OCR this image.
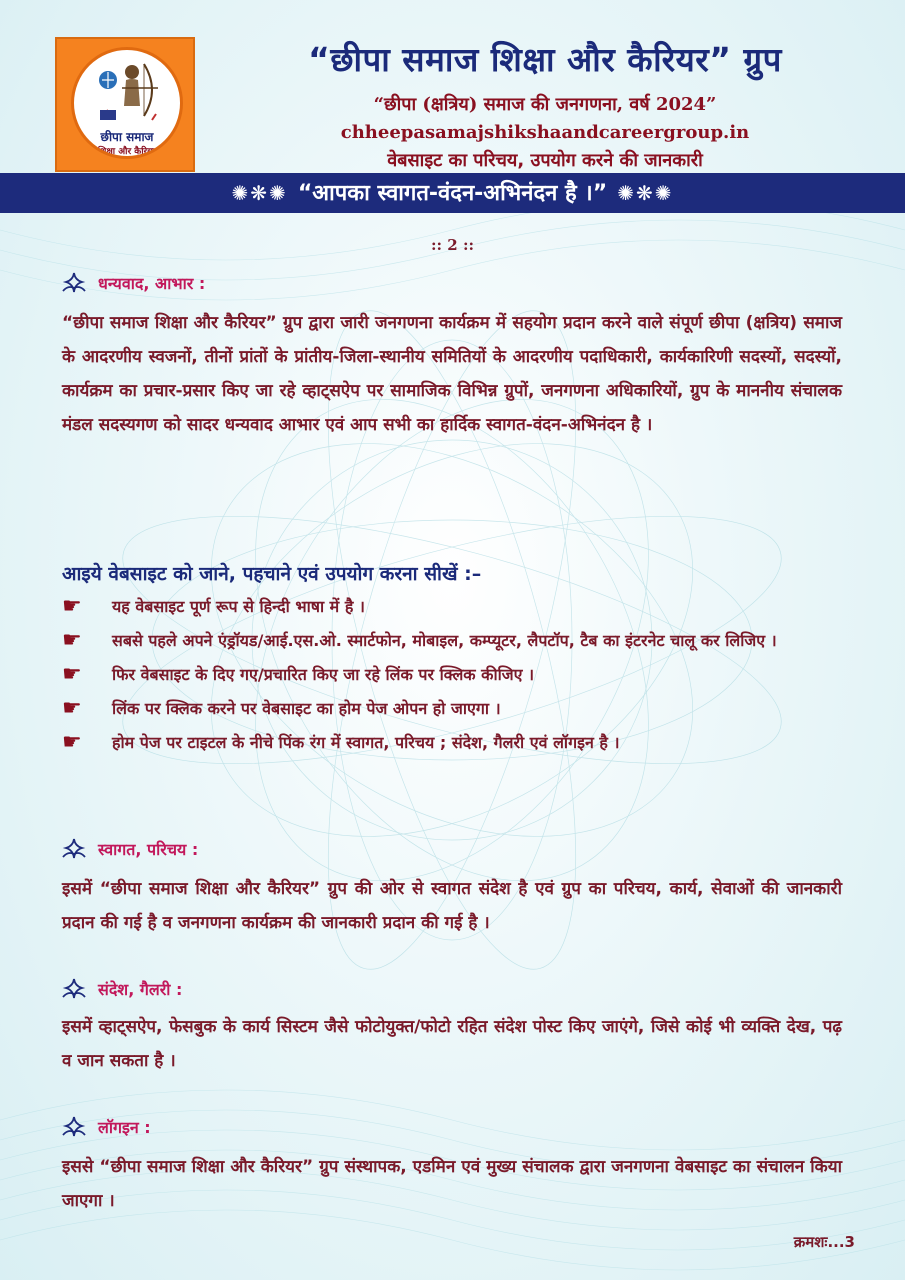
छीपा समाज
शिक्षा और कैरियर
ग्रुप
“छीपा समाज शिक्षा और कैरियर” ग्रुप
“छीपा (क्षत्रिय) समाज की जनगणना, वर्ष 2024”
chheepasamajshikshaandcareergroup.in
वेबसाइट का परिचय, उपयोग करने की जानकारी
✺❋✺ “आपका स्वागत-वंदन-अभिनंदन है ।” ✺❋✺
:: 2 ::
धन्यवाद, आभार :

“छीपा समाज शिक्षा और कैरियर” ग्रुप द्वारा जारी जनगणना कार्यक्रम में सहयोग प्रदान करने वाले संपूर्ण छीपा (क्षत्रिय) समाज के आदरणीय स्वजनों, तीनों प्रांतों के प्रांतीय-जिला-स्थानीय समितियों के आदरणीय पदाधिकारी, कार्यकारिणी सदस्यों, सदस्यों, कार्यक्रम का प्रचार-प्रसार किए जा रहे व्हाट्सऐप पर सामाजिक विभिन्न ग्रुपों, जनगणना अधिकारियों, ग्रुप के माननीय संचालक मंडल सदस्यगण को सादर धन्यवाद आभार एवं आप सभी का हार्दिक स्वागत-वंदन-अभिनंदन है ।

आइये वेबसाइट को जाने, पहचाने एवं उपयोग करना सीखें :–
☛ यह वेबसाइट पूर्ण रूप से हिन्दी भाषा में है ।
☛ सबसे पहले अपने एंड्रॉयड/आई.एस.ओ. स्मार्टफोन, मोबाइल, कम्प्यूटर, लैपटॉप, टैब का इंटरनेट चालू कर लिजिए ।
☛ फिर वेबसाइट के दिए गए/प्रचारित किए जा रहे लिंक पर क्लिक कीजिए ।
☛ लिंक पर क्लिक करने पर वेबसाइट का होम पेज ओपन हो जाएगा ।
☛ होम पेज पर टाइटल के नीचे पिंक रंग में स्वागत, परिचय ; संदेश, गैलरी एवं लॉगइन है ।
स्वागत, परिचय :

इसमें “छीपा समाज शिक्षा और कैरियर” ग्रुप की ओर से स्वागत संदेश है एवं ग्रुप का परिचय, कार्य, सेवाओं की जानकारी प्रदान की गई है व जनगणना कार्यक्रम की जानकारी प्रदान की गई है ।

संदेश, गैलरी :

इसमें व्हाट्सऐप, फेसबुक के कार्य सिस्टम जैसे फोटोयुक्त/फोटो रहित संदेश पोस्ट किए जाएंगे, जिसे कोई भी व्यक्ति देख, पढ़ व जान सकता है ।

लॉगइन :

इससे “छीपा समाज शिक्षा और कैरियर” ग्रुप संस्थापक, एडमिन एवं मुख्य संचालक द्वारा जनगणना वेबसाइट का संचालन किया जाएगा ।

क्रमशः...3
